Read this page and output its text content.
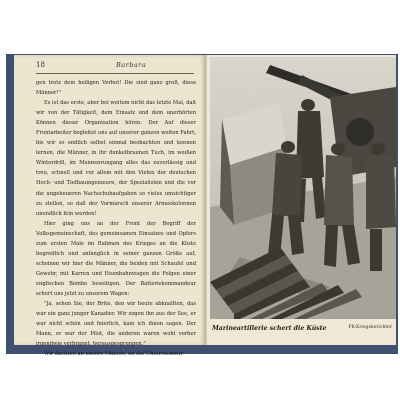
18	Barbara

gen trotz dem heiligen Verbot! Die sind ganz groß, diese Männer!"

Es ist das erste, aber bei weitem nicht das letzte Mal, daß wir von der Tätigkeit, dem Einsatz und dem unerhörten Können dieser Organisation hören. Der Auf dieser Frontarbeiter begleitet uns auf unserer ganzen weiten Fahrt, bis wir so endlich selbst einmal beobachten und kennen lernen, die Männer, in ihr dunkelbraunen Tuch, im weißen Winterdrill, im Mannenrungang alles das zuverlässig und treu, schnell und vor allem mit den Vielen der deutschen Hoch- und Tiefbauingenieure, der Spezialisten und die vor die ungeheueren Nachschubaufgaben so vieles umsichtiger zu stellen, so daß der Vormarsch unserer Armeekolonnen unendlich fein werden!

Hier ging uns an der Front der Begriff der Volksgemeinschaft, des gemeinsamen Einsatzes und Opfers zum ersten Male im Rahmen des Krieges an die Küste begreiflich und anfanglich in seiner ganzen Größe auf, scheinen wir hier die Männer, die beiden mit Schaufel und Gewehr, mit Karren und Eisenbahnwagen die Folgen einer englischen Bombe beseitigen. Der Batteriekommandeur schert uns jetzt zu unserem Wagen:

"Ja, sehen Sie, der Brite, den wir heute abknallten, das war ein ganz junger Kanadier. Wir zogen ihn aus der See, er war nicht schön und feierlich, kam ich ihnen sagen. Der Mann, er war der Pilot, die anderen waren wohl vorher irgendwie verbrannt, herausgesprungen."

Wir dachten an unsere Männer, an die Unterstedentr-

Marineartillerie schert die Küste	PK-Kriegsberichter
